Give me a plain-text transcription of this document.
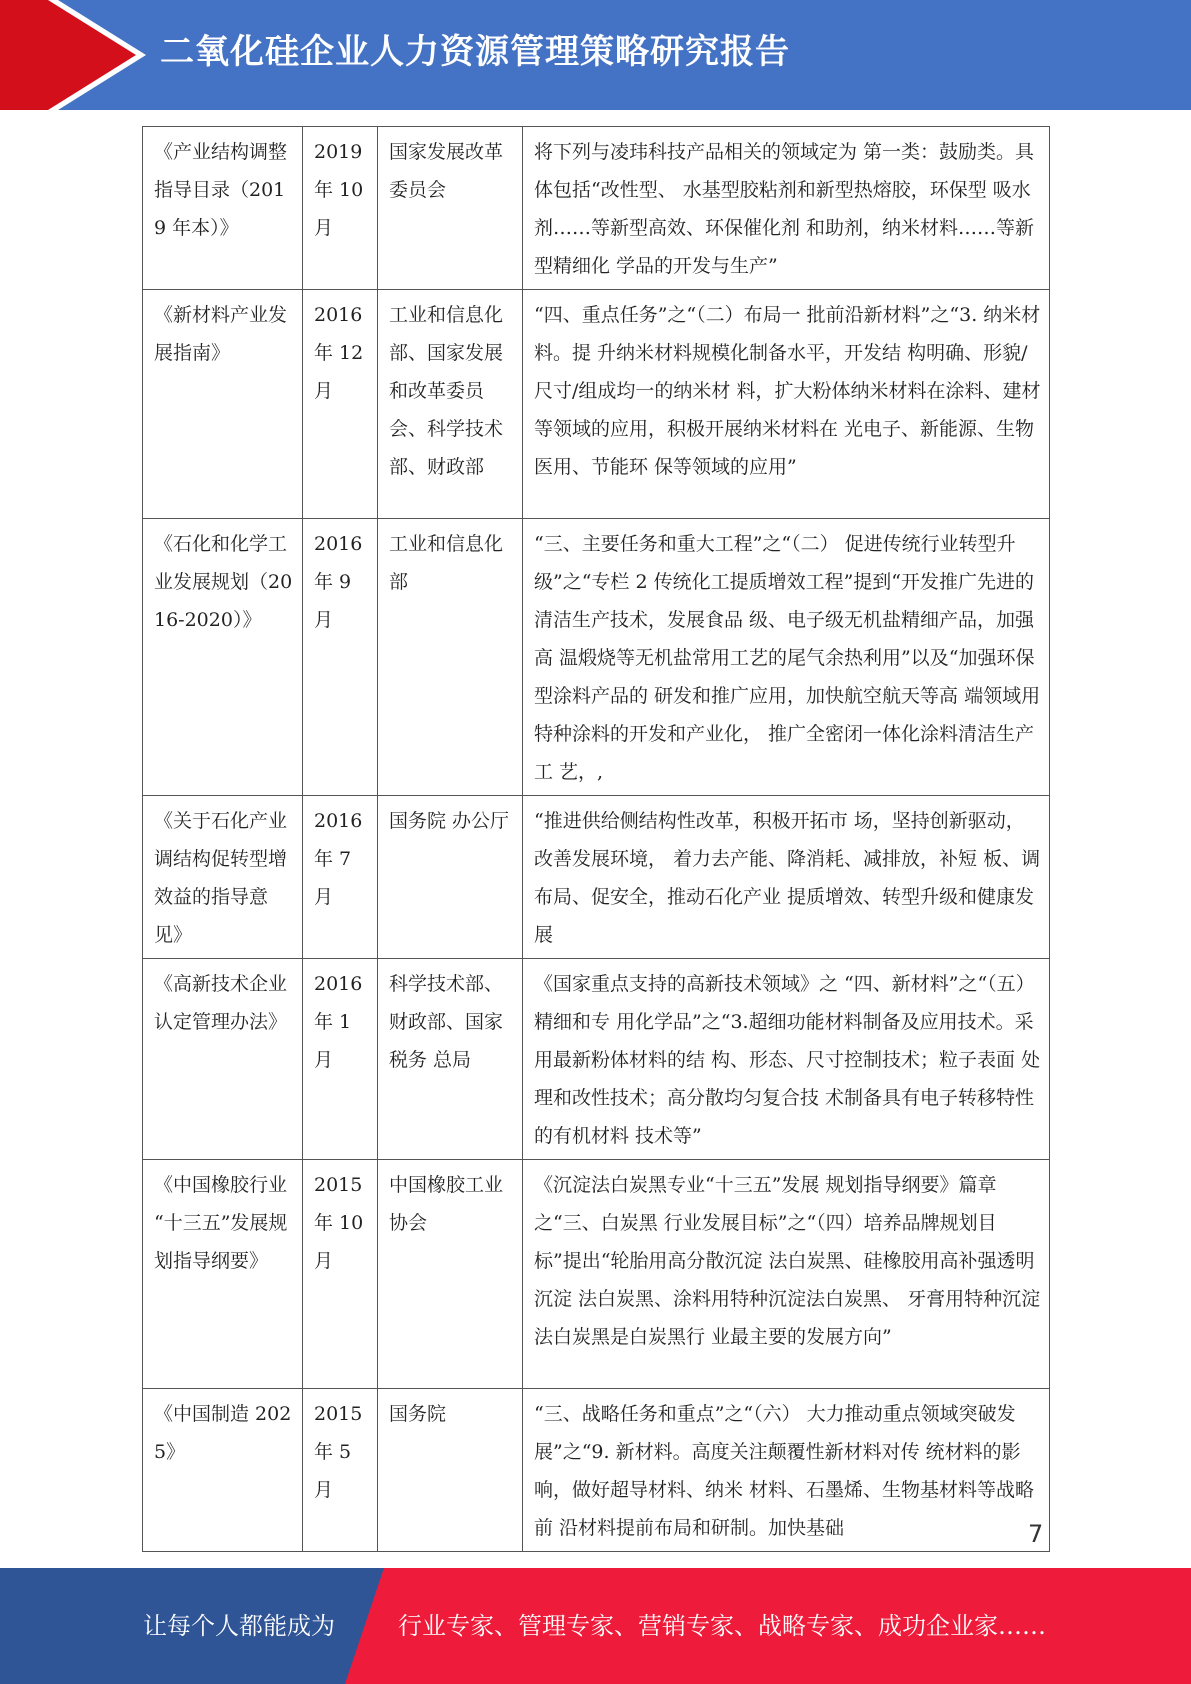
二氧化硅企业人力资源管理策略研究报告
《产业结构调整 指导目录（2019 年本）》	2019 年 10 月	国家发展改革 委员会	将下列与凌玮科技产品相关的领域定为 第一类：鼓励类。具体包括“改性型、 水基型胶粘剂和新型热熔胶，环保型 吸水剂……等新型高效、环保催化剂 和助剂，纳米材料……等新型精细化 学品的开发与生产”
《新材料产业发 展指南》	2016 年 12 月	工业和信息化 部、国家发展 和改革委员 会、科学技术 部、财政部	“四、重点任务”之“（二）布局一 批前沿新材料”之“3. 纳米材料。提 升纳米材料规模化制备水平，开发结 构明确、形貌/尺寸/组成均一的纳米材 料，扩大粉体纳米材料在涂料、建材 等领域的应用，积极开展纳米材料在 光电子、新能源、生物医用、节能环 保等领域的应用”
《石化和化学工 业发展规划（2016-2020）》	2016 年 9 月	工业和信息化 部	“三、主要任务和重大工程”之“（二） 促进传统行业转型升级”之“专栏 2 传统化工提质增效工程”提到“开发推广先进的清洁生产技术，发展食品 级、电子级无机盐精细产品，加强高 温煅烧等无机盐常用工艺的尾气余热利用”以及“加强环保型涂料产品的 研发和推广应用，加快航空航天等高 端领域用特种涂料的开发和产业化， 推广全密闭一体化涂料清洁生产工 艺，,
《关于石化产业 调结构促转型增 效益的指导意见》	2016 年 7 月	国务院 办公厅	“推进供给侧结构性改革，积极开拓市 场，坚持创新驱动，改善发展环境， 着力去产能、降消耗、减排放，补短 板、调布局、促安全，推动石化产业 提质增效、转型升级和健康发展
《高新技术企业 认定管理办法》	2016 年 1 月	科学技术部、 财政部、国家 税务 总局	《国家重点支持的高新技术领域》之 “四、新材料”之“（五）精细和专 用化学品”之“3.超细功能材料制备及应用技术。采用最新粉体材料的结 构、形态、尺寸控制技术；粒子表面 处理和改性技术；高分散均匀复合技 术制备具有电子转移特性的有机材料 技术等”
《中国橡胶行业 “十三五”发展规划指导纲要》	2015 年 10 月	中国橡胶工业 协会	《沉淀法白炭黑专业“十三五”发展 规划指导纲要》篇章之“三、白炭黑 行业发展目标”之“（四）培养品牌规划目标”提出“轮胎用高分散沉淀 法白炭黑、硅橡胶用高补强透明沉淀 法白炭黑、涂料用特种沉淀法白炭黑、 牙膏用特种沉淀法白炭黑是白炭黑行 业最主要的发展方向”
《中国制造 2025》	2015 年 5 月	国务院	“三、战略任务和重点”之“（六） 大力推动重点领域突破发展”之“9. 新材料。高度关注颠覆性新材料对传 统材料的影响，做好超导材料、纳米 材料、石墨烯、生物基材料等战略前 沿材料提前布局和研制。加快基础	7
让每个人都能成为	行业专家、管理专家、营销专家、战略专家、成功企业家……
